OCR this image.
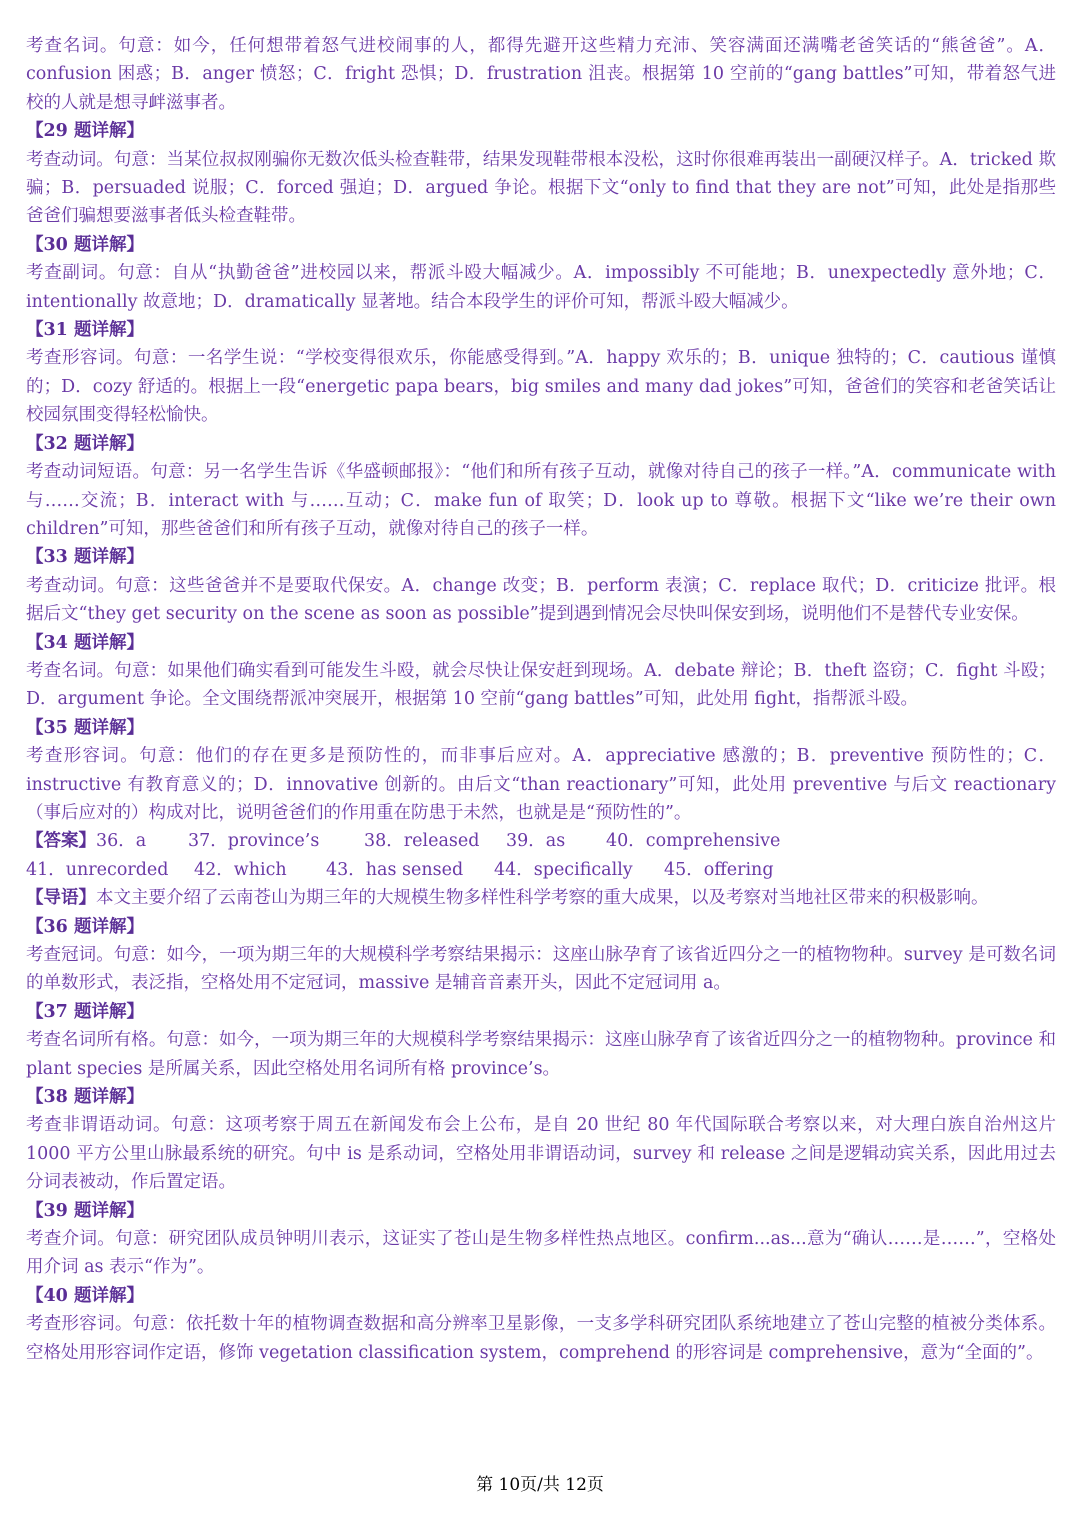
考查名词。句意：如今，任何想带着怒气进校闹事的人，都得先避开这些精力充沛、笑容满面还满嘴老爸笑话的“熊爸爸”。A．confusion 困惑；B．anger 愤怒；C．fright 恐惧；D．frustration 沮丧。根据第 10 空前的“gang battles”可知，带着怒气进校的人就是想寻衅滋事者。

【29 题详解】

考查动词。句意：当某位叔叔刚骗你无数次低头检查鞋带，结果发现鞋带根本没松，这时你很难再装出一副硬汉样子。A．tricked 欺骗；B．persuaded 说服；C．forced 强迫；D．argued 争论。根据下文“only to find that they are not”可知，此处是指那些爸爸们骗想要滋事者低头检查鞋带。

【30 题详解】

考查副词。句意：自从“执勤爸爸”进校园以来，帮派斗殴大幅减少。A．impossibly 不可能地；B．unexpectedly 意外地；C．intentionally 故意地；D．dramatically 显著地。结合本段学生的评价可知，帮派斗殴大幅减少。

【31 题详解】

考查形容词。句意：一名学生说：“学校变得很欢乐，你能感受得到。”A．happy 欢乐的；B．unique 独特的；C．cautious 谨慎的；D．cozy 舒适的。根据上一段“energetic papa bears，big smiles and many dad jokes”可知，爸爸们的笑容和老爸笑话让校园氛围变得轻松愉快。

【32 题详解】

考查动词短语。句意：另一名学生告诉《华盛顿邮报》：“他们和所有孩子互动，就像对待自己的孩子一样。”A．communicate with 与……交流；B．interact with 与……互动；C．make fun of 取笑；D．look up to 尊敬。根据下文“like we’re their own children”可知，那些爸爸们和所有孩子互动，就像对待自己的孩子一样。

【33 题详解】

考查动词。句意：这些爸爸并不是要取代保安。A．change 改变；B．perform 表演；C．replace 取代；D．criticize 批评。根据后文“they get security on the scene as soon as possible”提到遇到情况会尽快叫保安到场，说明他们不是替代专业安保。

【34 题详解】

考查名词。句意：如果他们确实看到可能发生斗殴，就会尽快让保安赶到现场。A．debate 辩论；B．theft 盗窃；C．fight 斗殴；D．argument 争论。全文围绕帮派冲突展开，根据第 10 空前“gang battles”可知，此处用 fight，指帮派斗殴。

【35 题详解】

考查形容词。句意：他们的存在更多是预防性的，而非事后应对。A．appreciative 感激的；B．preventive 预防性的；C．instructive 有教育意义的；D．innovative 创新的。由后文“than reactionary”可知，此处用 preventive 与后文 reactionary（事后应对的）构成对比，说明爸爸们的作用重在防患于未然，也就是是“预防性的”。

【答案】 36．a	37．province’s	38．released	39．as	40．comprehensive
41．unrecorded	42．which	43．has sensed	44．specifically	45．offering

【导语】本文主要介绍了云南苍山为期三年的大规模生物多样性科学考察的重大成果，以及考察对当地社区带来的积极影响。

【36 题详解】

考查冠词。句意：如今，一项为期三年的大规模科学考察结果揭示：这座山脉孕育了该省近四分之一的植物物种。survey 是可数名词的单数形式，表泛指，空格处用不定冠词，massive 是辅音音素开头，因此不定冠词用 a。

【37 题详解】

考查名词所有格。句意：如今，一项为期三年的大规模科学考察结果揭示：这座山脉孕育了该省近四分之一的植物物种。province 和 plant species 是所属关系，因此空格处用名词所有格 province’s。

【38 题详解】

考查非谓语动词。句意：这项考察于周五在新闻发布会上公布，是自 20 世纪 80 年代国际联合考察以来，对大理白族自治州这片 1000 平方公里山脉最系统的研究。句中 is 是系动词，空格处用非谓语动词，survey 和 release 之间是逻辑动宾关系，因此用过去分词表被动，作后置定语。

【39 题详解】

考查介词。句意：研究团队成员钟明川表示，这证实了苍山是生物多样性热点地区。confirm...as...意为“确认……是……”，空格处用介词 as 表示“作为”。

【40 题详解】

考查形容词。句意：依托数十年的植物调查数据和高分辨率卫星影像，一支多学科研究团队系统地建立了苍山完整的植被分类体系。空格处用形容词作定语，修饰 vegetation classification system，comprehend 的形容词是 comprehensive，意为“全面的”。

第 10页/共 12页
